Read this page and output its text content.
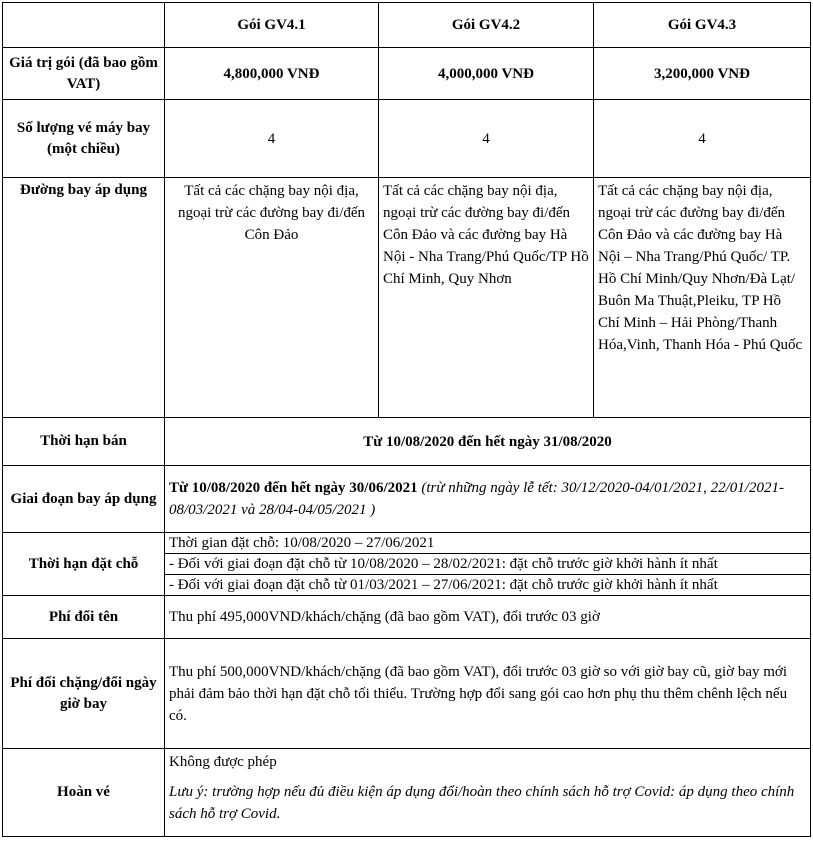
	Gói GV4.1	Gói GV4.2	Gói GV4.3
Giá trị gói (đã bao gồm VAT)	4,800,000 VNĐ	4,000,000 VNĐ	3,200,000 VNĐ
Số lượng vé máy bay (một chiều)	4	4	4
Đường bay áp dụng	Tất cả các chặng bay nội địa, ngoại trừ các đường bay đi/đến Côn Đảo	Tất cả các chặng bay nội địa, ngoại trừ các đường bay đi/đến Côn Đảo và các đường bay Hà Nội - Nha Trang/Phú Quốc/TP Hồ Chí Minh, Quy Nhơn	Tất cả các chặng bay nội địa, ngoại trừ các đường bay đi/đến Côn Đảo và các đường bay Hà Nội – Nha Trang/Phú Quốc/ TP. Hồ Chí Minh/Quy Nhơn/Đà Lạt/ Buôn Ma Thuật,Pleiku, TP Hồ Chí Minh – Hải Phòng/Thanh Hóa,Vinh, Thanh Hóa - Phú Quốc
Thời hạn bán	Từ 10/08/2020 đến hết ngày 31/08/2020		
Giai đoạn bay áp dụng	Từ 10/08/2020 đến hết ngày 30/06/2021 (trừ những ngày lễ tết: 30/12/2020-04/01/2021, 22/01/2021-08/03/2021 và 28/04-04/05/2021 )		
Thời hạn đặt chỗ	Thời gian đặt chỗ: 10/08/2020 – 27/06/2021		
	- Đối với giai đoạn đặt chỗ từ 10/08/2020 – 28/02/2021: đặt chỗ trước giờ khởi hành ít nhất		
	- Đối với giai đoạn đặt chỗ từ 01/03/2021 – 27/06/2021: đặt chỗ trước giờ khởi hành ít nhất		
Phí đổi tên	Thu phí 495,000VND/khách/chặng (đã bao gồm VAT), đổi trước 03 giờ		
Phí đổi chặng/đổi ngày giờ bay	Thu phí 500,000VND/khách/chặng (đã bao gồm VAT), đổi trước 03 giờ so với giờ bay cũ, giờ bay mới phải đảm bảo thời hạn đặt chỗ tối thiểu. Trường hợp đổi sang gói cao hơn phụ thu thêm chênh lệch nếu có.		
Hoàn vé	Không được phép
Lưu ý: trường hợp nếu đủ điều kiện áp dụng đổi/hoàn theo chính sách hỗ trợ Covid: áp dụng theo chính sách hỗ trợ Covid.		
